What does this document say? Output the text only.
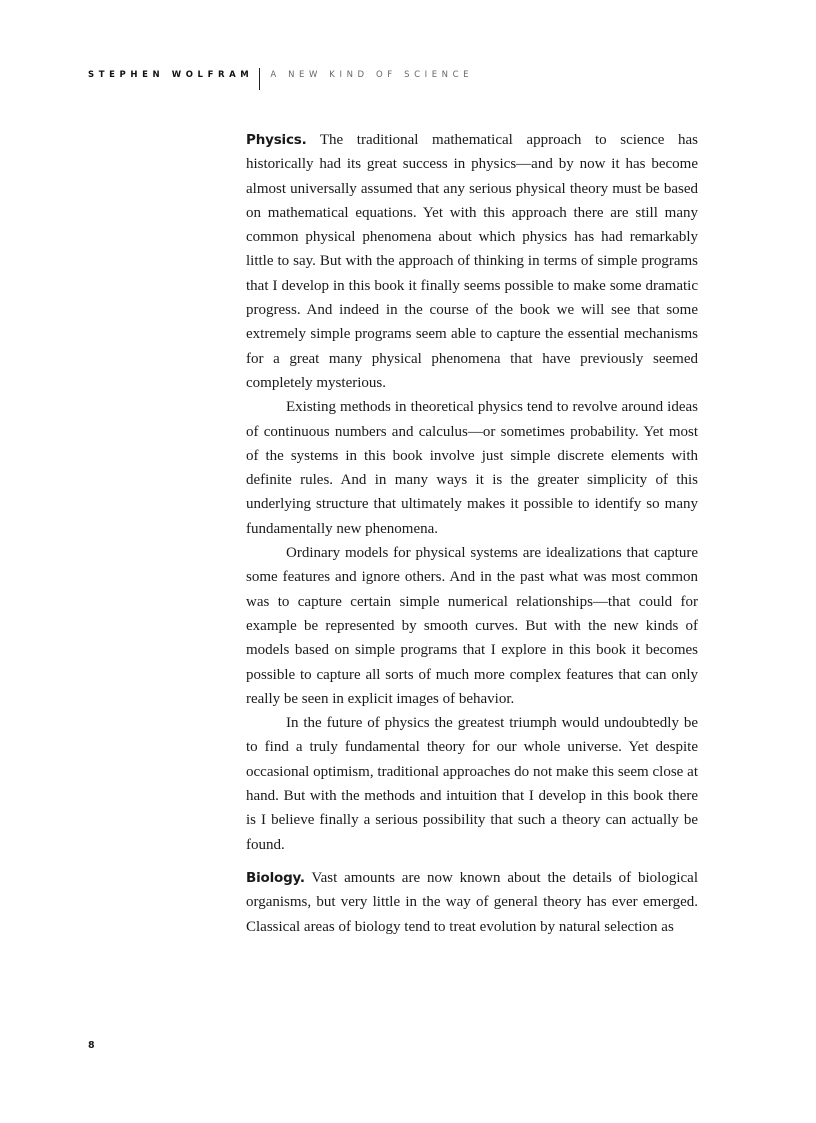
STEPHEN WOLFRAM A NEW KIND OF SCIENCE

Physics. The traditional mathematical approach to science has historically had its great success in physics—and by now it has become almost universally assumed that any serious physical theory must be based on mathematical equations. Yet with this approach there are still many common physical phenomena about which physics has had remarkably little to say. But with the approach of thinking in terms of simple programs that I develop in this book it finally seems possible to make some dramatic progress. And indeed in the course of the book we will see that some extremely simple programs seem able to capture the essential mechanisms for a great many physical phenomena that have previously seemed completely mysterious.

Existing methods in theoretical physics tend to revolve around ideas of continuous numbers and calculus—or sometimes probability. Yet most of the systems in this book involve just simple discrete elements with definite rules. And in many ways it is the greater simplicity of this underlying structure that ultimately makes it possible to identify so many fundamentally new phenomena.

Ordinary models for physical systems are idealizations that capture some features and ignore others. And in the past what was most common was to capture certain simple numerical relationships—that could for example be represented by smooth curves. But with the new kinds of models based on simple programs that I explore in this book it becomes possible to capture all sorts of much more complex features that can only really be seen in explicit images of behavior.

In the future of physics the greatest triumph would undoubtedly be to find a truly fundamental theory for our whole universe. Yet despite occasional optimism, traditional approaches do not make this seem close at hand. But with the methods and intuition that I develop in this book there is I believe finally a serious possibility that such a theory can actually be found.

Biology. Vast amounts are now known about the details of biological organisms, but very little in the way of general theory has ever emerged. Classical areas of biology tend to treat evolution by natural selection as

8
